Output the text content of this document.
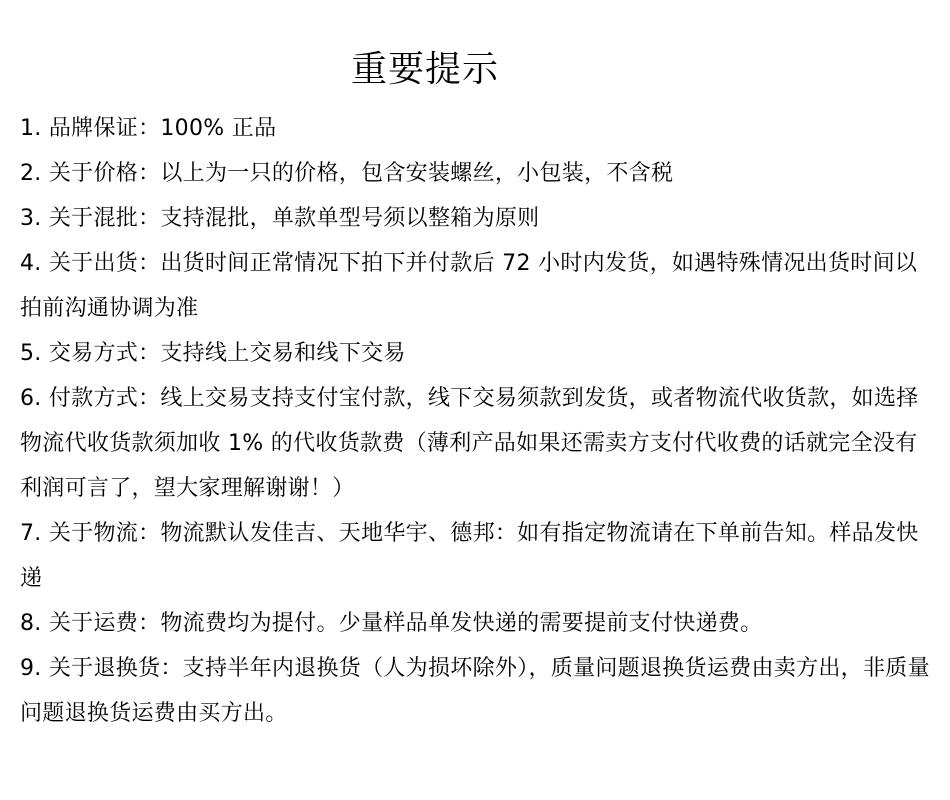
重要提示
1. 品牌保证：100% 正品
2. 关于价格：以上为一只的价格，包含安装螺丝，小包装，不含税
3. 关于混批：支持混批，单款单型号须以整箱为原则
4. 关于出货：出货时间正常情况下拍下并付款后 72 小时内发货，如遇特殊情况出货时间以拍前沟通协调为准
5. 交易方式：支持线上交易和线下交易
6. 付款方式：线上交易支持支付宝付款，线下交易须款到发货，或者物流代收货款，如选择物流代收货款须加收 1% 的代收货款费（薄利产品如果还需卖方支付代收费的话就完全没有利润可言了，望大家理解谢谢！）
7. 关于物流：物流默认发佳吉、天地华宇、德邦：如有指定物流请在下单前告知。样品发快递
8. 关于运费：物流费均为提付。少量样品单发快递的需要提前支付快递费。
9. 关于退换货：支持半年内退换货（人为损坏除外），质量问题退换货运费由卖方出，非质量问题退换货运费由买方出。
